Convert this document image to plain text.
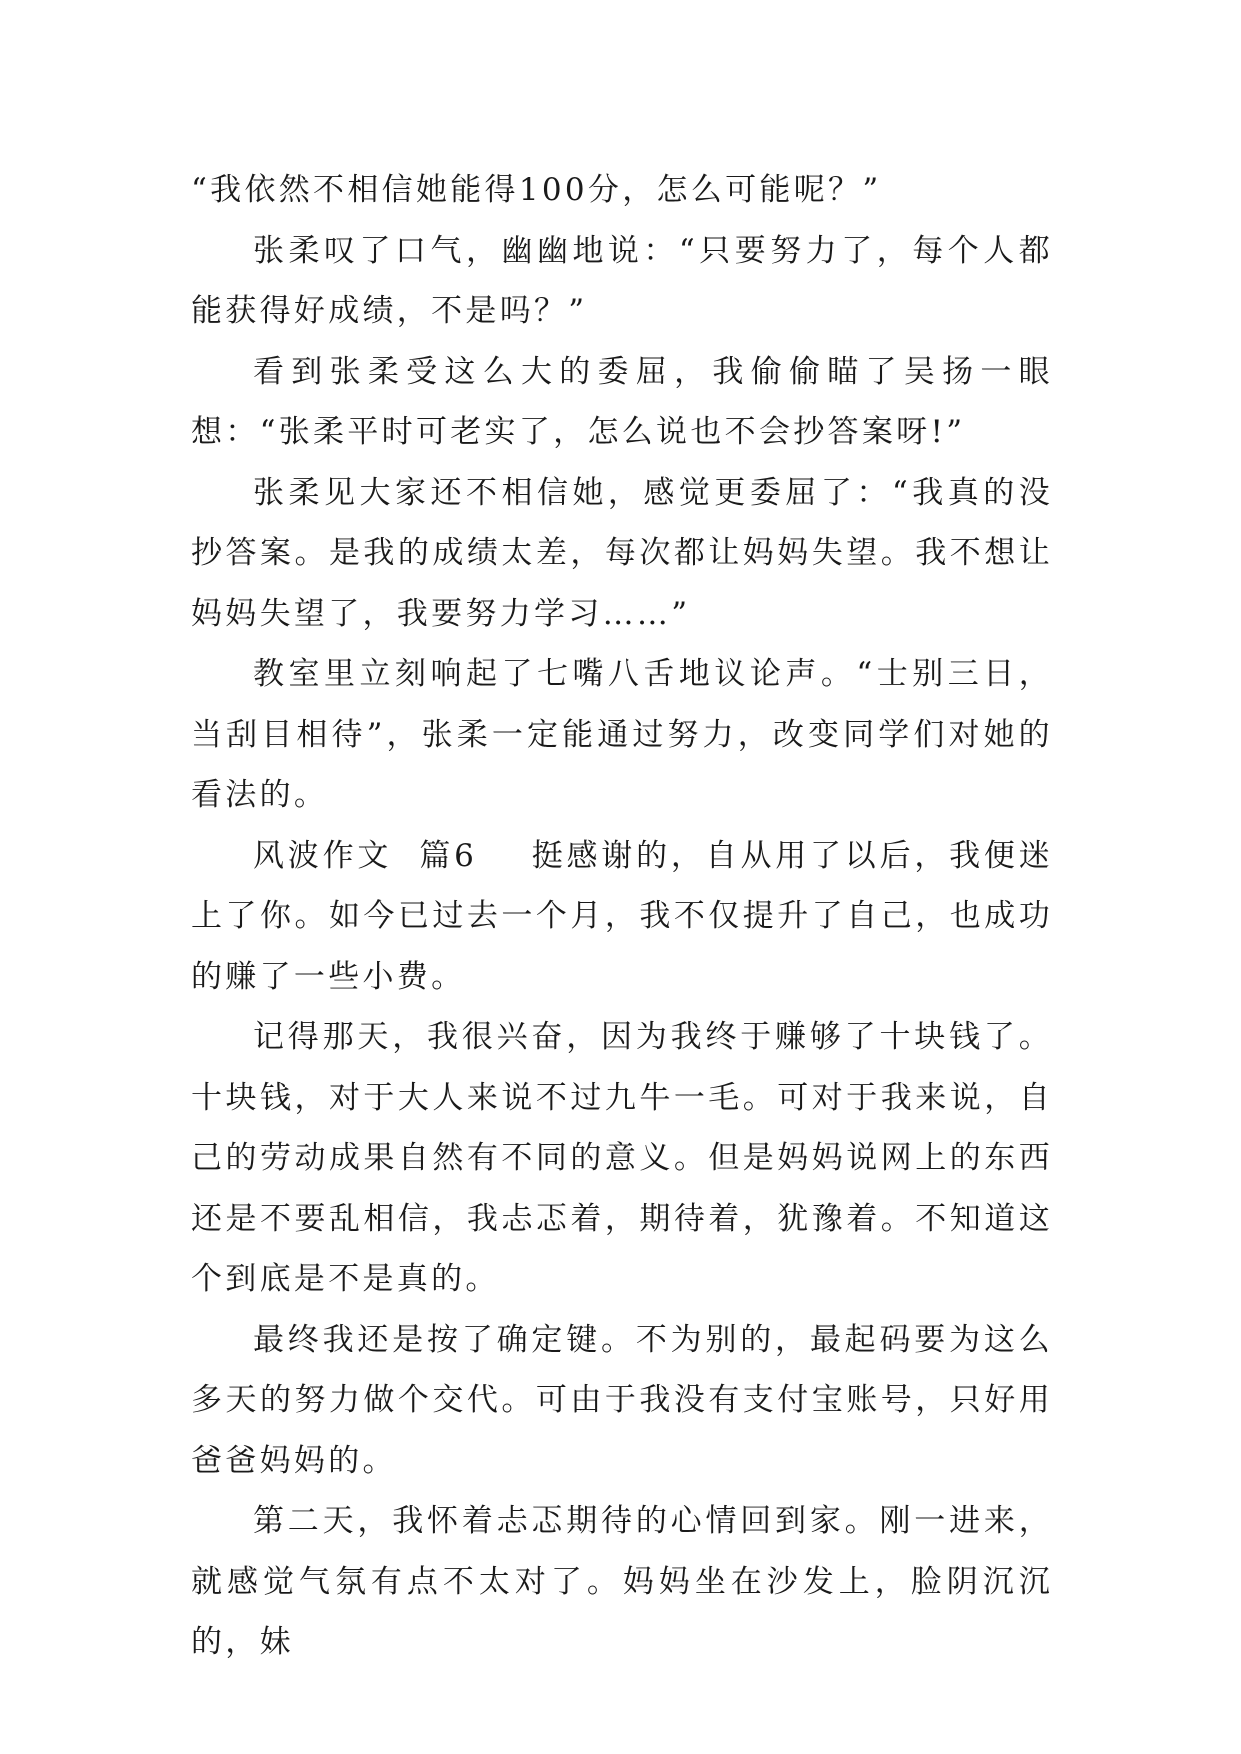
“我依然不相信她能得100分，怎么可能呢？”

张柔叹了口气，幽幽地说：“只要努力了，每个人都能获得好成绩，不是吗？”

看到张柔受这么大的委屈，我偷偷瞄了吴扬一眼想：“张柔平时可老实了，怎么说也不会抄答案呀!”

张柔见大家还不相信她，感觉更委屈了：“我真的没抄答案。是我的成绩太差，每次都让妈妈失望。我不想让妈妈失望了，我要努力学习……”

教室里立刻响起了七嘴八舌地议论声。“士别三日，当刮目相待”，张柔一定能通过努力，改变同学们对她的看法的。

风波作文  篇6    挺感谢的，自从用了以后，我便迷上了你。如今已过去一个月，我不仅提升了自己，也成功的赚了一些小费。

记得那天，我很兴奋，因为我终于赚够了十块钱了。十块钱，对于大人来说不过九牛一毛。可对于我来说，自己的劳动成果自然有不同的意义。但是妈妈说网上的东西还是不要乱相信，我忐忑着，期待着，犹豫着。不知道这个到底是不是真的。

最终我还是按了确定键。不为别的，最起码要为这么多天的努力做个交代。可由于我没有支付宝账号，只好用爸爸妈妈的。

第二天，我怀着忐忑期待的心情回到家。刚一进来，就感觉气氛有点不太对了。妈妈坐在沙发上，脸阴沉沉的，妹
